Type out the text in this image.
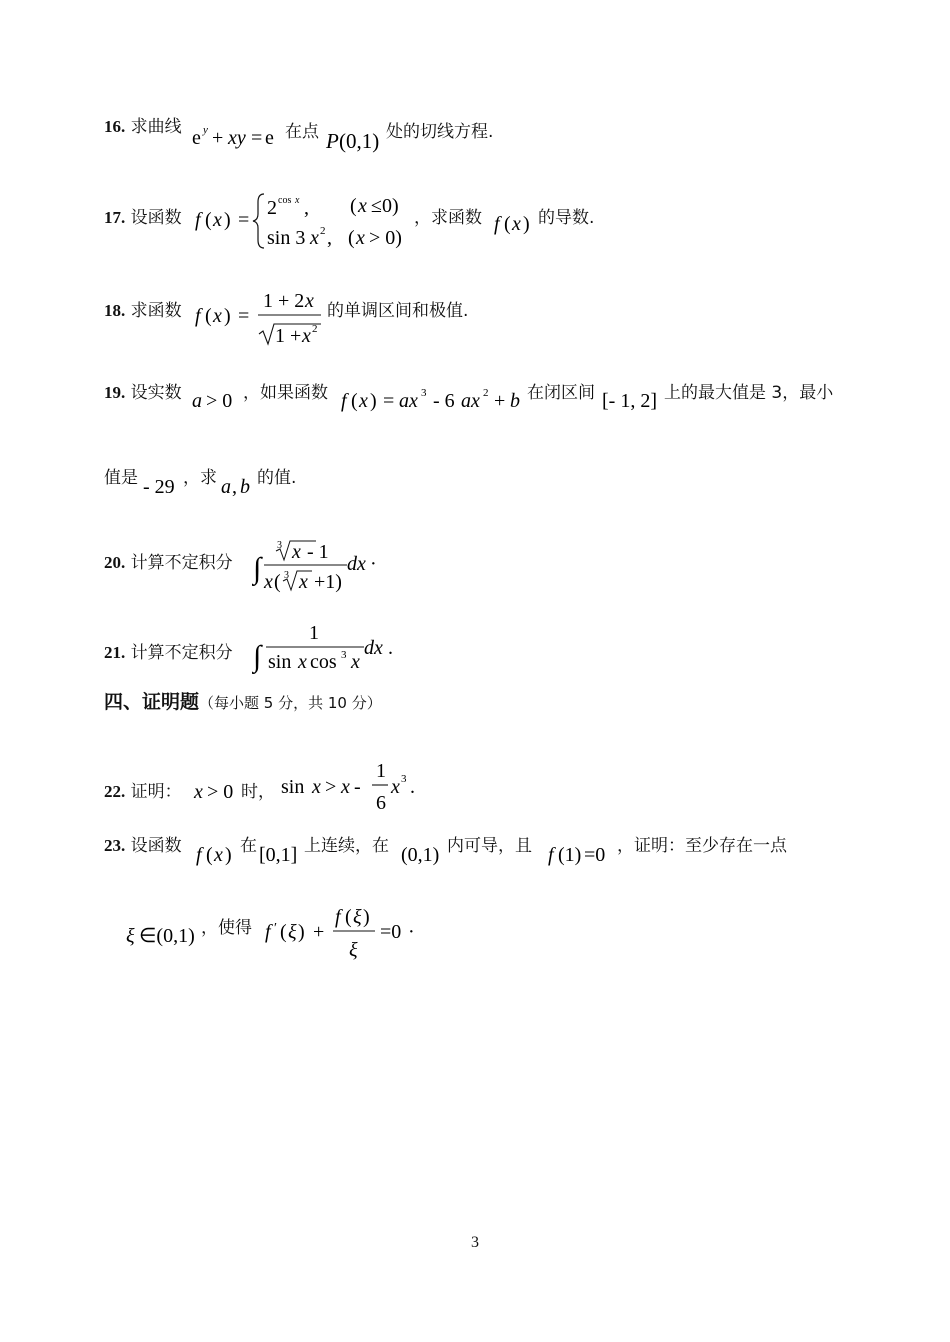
16. 求曲线 e y + xy = e 在点 P (0,1) 处的切线方程.
17. 设函数 f ( x ) =
2 cos x , ( x ≤0)
sin 3 x 2 , ( x > 0)
，求函数 f ( x ) 的导数.
18. 求函数 f ( x ) =
1 + 2 x
1 + x 2
的单调区间和极值.
19. 设实数 a > 0 ，如果函数 f ( x ) = ax 3 - 6 ax 2 + b 在闭区间 [- 1, 2] 上的最大值是 3，最小
值是 - 29 ，求 a , b 的值.
20. 计算不定积分 ∫
3 x - 1
x ( 3 x +1)
dx ·
21. 计算不定积分 ∫
1
sin x cos 3 x
dx .
四、证明题（每小题 5 分，共 10 分）
22. 证明： x > 0 时， sin x > x -
1
6
x 3 .
23. 设函数 f ( x ) 在 [0,1] 上连续，在 (0,1) 内可导，且 f (1) =0 ，证明：至少存在一点
ξ ∈(0,1) ，使得 f ′ ( ξ ) +
f ( ξ )
ξ
=0 ·
3
